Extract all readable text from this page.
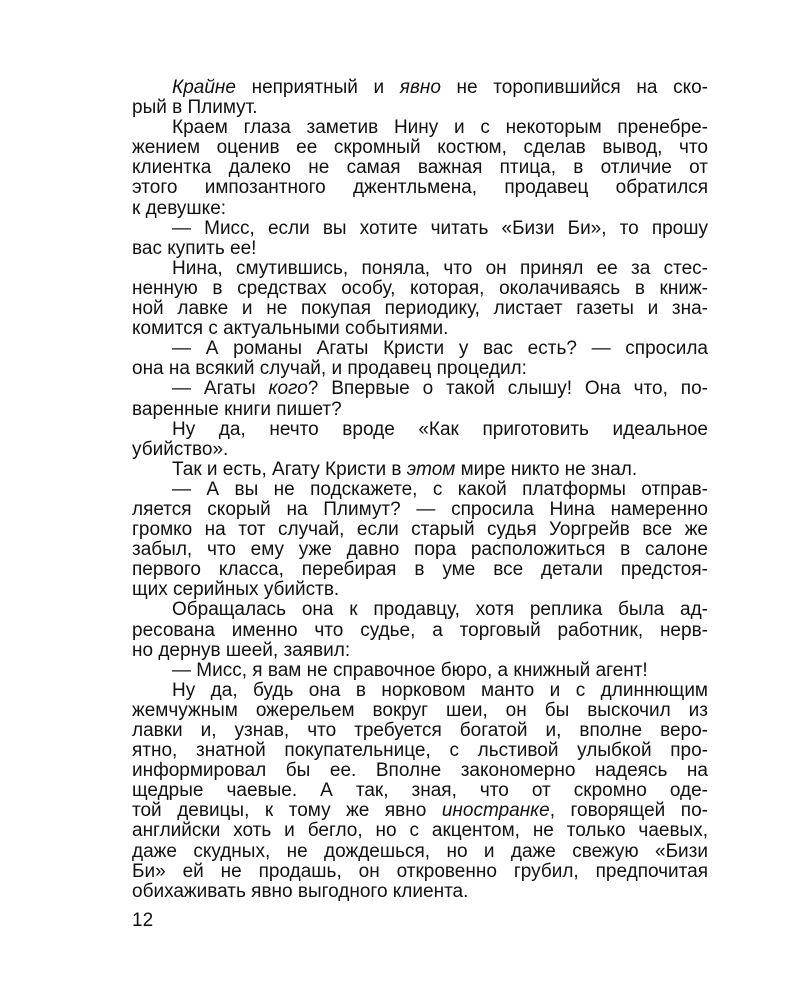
Крайне неприятный и явно не торопившийся на ско-
рый в Плимут.
Краем глаза заметив Нину и с некоторым пренебре-
жением оценив ее скромный костюм, сделав вывод, что
клиентка далеко не самая важная птица, в отличие от
этого импозантного джентльмена, продавец обратился
к девушке:
— Мисс, если вы хотите читать «Бизи Би», то прошу
вас купить ее!
Нина, смутившись, поняла, что он принял ее за стес-
ненную в средствах особу, которая, околачиваясь в книж-
ной лавке и не покупая периодику, листает газеты и зна-
комится с актуальными событиями.
— А романы Агаты Кристи у вас есть? — спросила
она на всякий случай, и продавец процедил:
— Агаты кого? Впервые о такой слышу! Она что, по-
варенные книги пишет?
Ну да, нечто вроде «Как приготовить идеальное
убийство».
Так и есть, Агату Кристи в этом мире никто не знал.
— А вы не подскажете, с какой платформы отправ-
ляется скорый на Плимут? — спросила Нина намеренно
громко на тот случай, если старый судья Уоргрейв все же
забыл, что ему уже давно пора расположиться в салоне
первого класса, перебирая в уме все детали предстоя-
щих серийных убийств.
Обращалась она к продавцу, хотя реплика была ад-
ресована именно что судье, а торговый работник, нерв-
но дернув шеей, заявил:
— Мисс, я вам не справочное бюро, а книжный агент!
Ну да, будь она в норковом манто и с длиннющим
жемчужным ожерельем вокруг шеи, он бы выскочил из
лавки и, узнав, что требуется богатой и, вполне веро-
ятно, знатной покупательнице, с льстивой улыбкой про-
информировал бы ее. Вполне закономерно надеясь на
щедрые чаевые. А так, зная, что от скромно оде-
той девицы, к тому же явно иностранке, говорящей по-
английски хоть и бегло, но с акцентом, не только чаевых,
даже скудных, не дождешься, но и даже свежую «Бизи
Би» ей не продашь, он откровенно грубил, предпочитая
обихаживать явно выгодного клиента.
12
